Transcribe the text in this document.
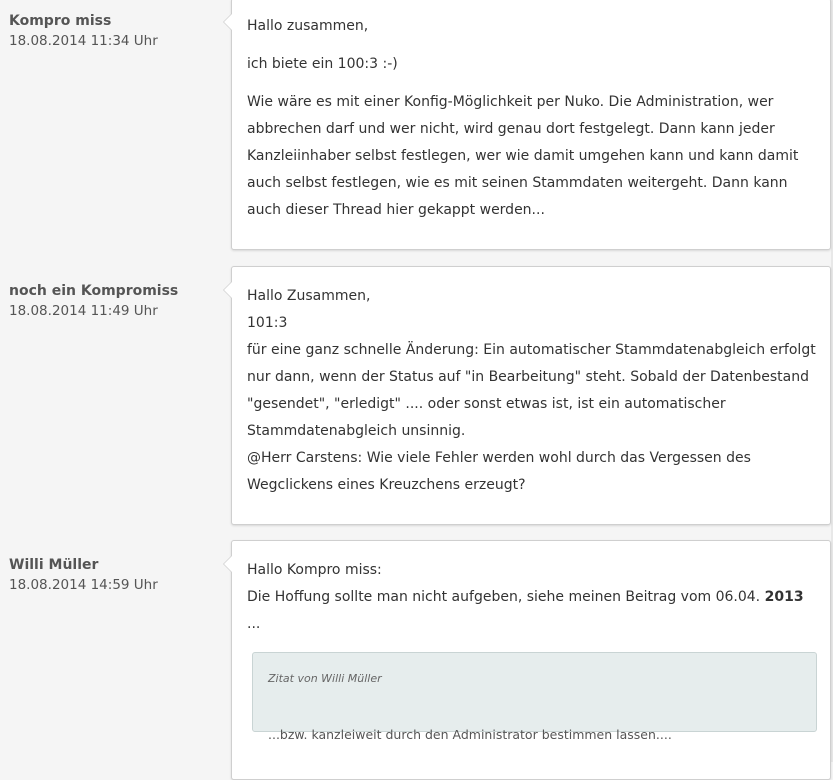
Kompro miss
18.08.2014 11:34 Uhr

Hallo zusammen,

ich biete ein 100:3 :-)

Wie wäre es mit einer Konfig-Möglichkeit per Nuko. Die Administration, wer abbrechen darf und wer nicht, wird genau dort festgelegt. Dann kann jeder Kanzleiinhaber selbst festlegen, wer wie damit umgehen kann und kann damit auch selbst festlegen, wie es mit seinen Stammdaten weitergeht. Dann kann auch dieser Thread hier gekappt werden...

noch ein Kompromiss
18.08.2014 11:49 Uhr

Hallo Zusammen,

101:3

für eine ganz schnelle Änderung: Ein automatischer Stammdatenabgleich erfolgt nur dann, wenn der Status auf "in Bearbeitung" steht. Sobald der Datenbestand "gesendet", "erledigt" .... oder sonst etwas ist, ist ein automatischer Stammdatenabgleich unsinnig.

@Herr Carstens: Wie viele Fehler werden wohl durch das Vergessen des Wegclickens eines Kreuzchens erzeugt?

Willi Müller
18.08.2014 14:59 Uhr

Hallo Kompro miss:

Die Hoffung sollte man nicht aufgeben, siehe meinen Beitrag vom 06.04. 2013 ...

Zitat von Willi Müller
...bzw. kanzleiweit durch den Administrator bestimmen lassen....
